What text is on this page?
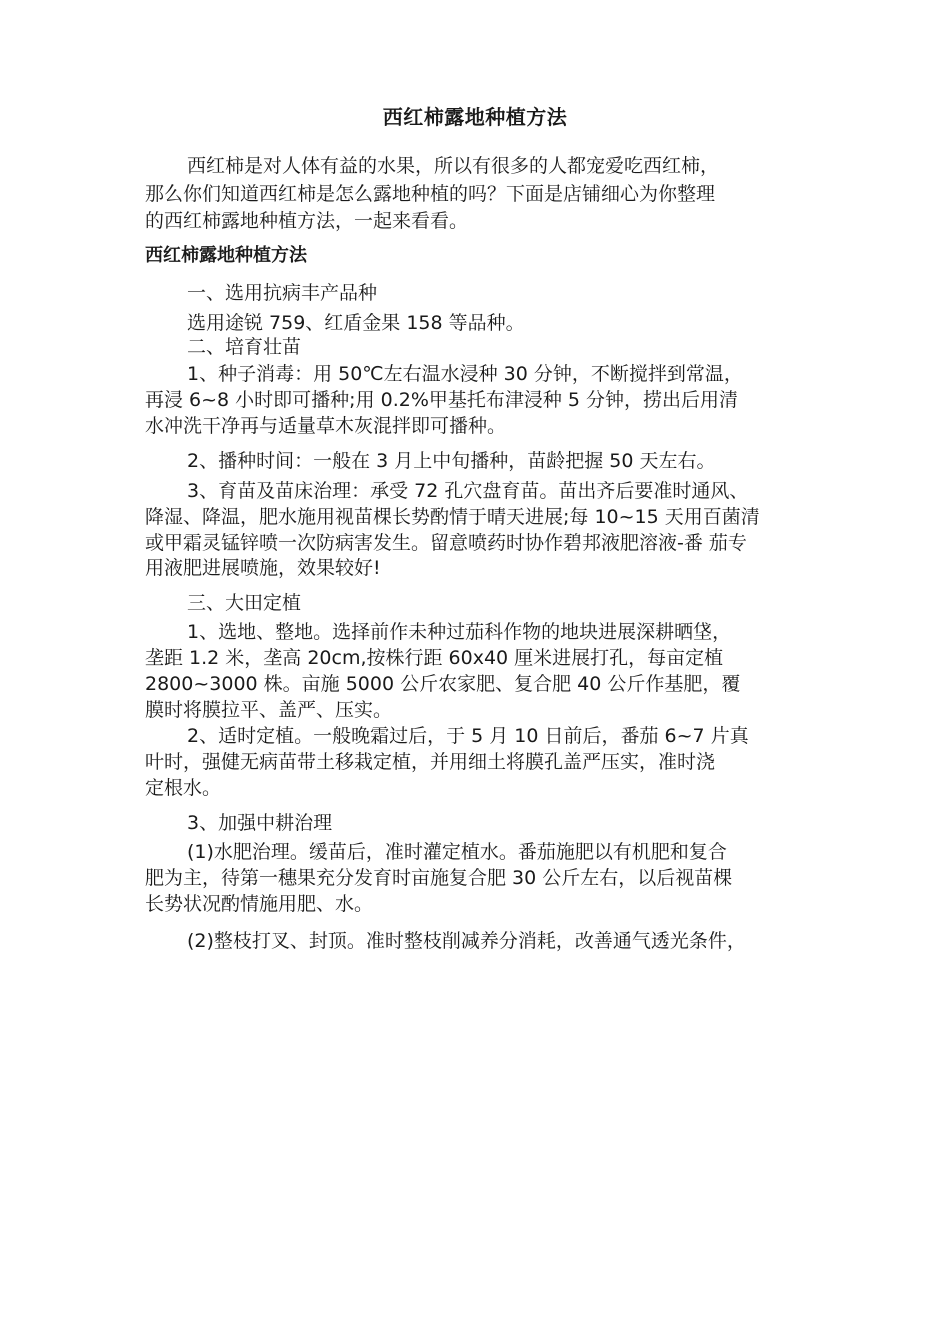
西红柿露地种植方法

西红柿是对人体有益的水果，所以有很多的人都宠爱吃西红柿，

那么你们知道西红柿是怎么露地种植的吗？下面是店铺细心为你整理

的西红柿露地种植方法，一起来看看。

西红柿露地种植方法

一、选用抗病丰产品种

选用途锐 759、红盾金果 158 等品种。

二、培育壮苗

1、种子消毒：用 50℃左右温水浸种 30 分钟，不断搅拌到常温，

再浸 6~8 小时即可播种;用 0.2%甲基托布津浸种 5 分钟，捞出后用清

水冲洗干净再与适量草木灰混拌即可播种。

2、播种时间：一般在 3 月上中旬播种，苗龄把握 50 天左右。

3、育苗及苗床治理：承受 72 孔穴盘育苗。苗出齐后要准时通风、

降湿、降温，肥水施用视苗棵长势酌情于晴天进展;每 10~15 天用百菌清

或甲霜灵锰锌喷一次防病害发生。留意喷药时协作碧邦液肥溶液-番 茄专

用液肥进展喷施，效果较好!

三、大田定植

1、选地、整地。选择前作未种过茄科作物的地块进展深耕晒垡，

垄距 1.2 米，垄高 20cm,按株行距 60x40 厘米进展打孔，每亩定植

2800~3000 株。亩施 5000 公斤农家肥、复合肥 40 公斤作基肥，覆

膜时将膜拉平、盖严、压实。

2、适时定植。一般晚霜过后，于 5 月 10 日前后，番茄 6~7 片真

叶时，强健无病苗带土移栽定植，并用细土将膜孔盖严压实，准时浇

定根水。

3、加强中耕治理

(1)水肥治理。缓苗后，准时灌定植水。番茄施肥以有机肥和复合

肥为主，待第一穗果充分发育时亩施复合肥 30 公斤左右，以后视苗棵

长势状况酌情施用肥、水。

(2)整枝打叉、封顶。准时整枝削减养分消耗，改善通气透光条件，
